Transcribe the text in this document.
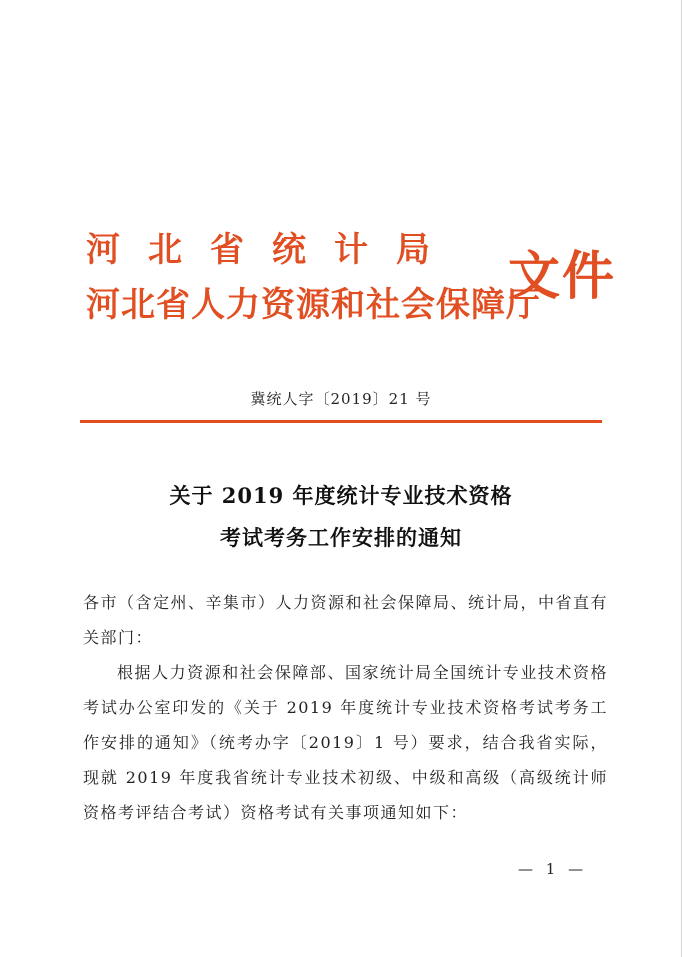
河北省统计局
河北省人力资源和社会保障厅
文件
冀统人字〔2019〕21 号
关于 2019 年度统计专业技术资格
考试考务工作安排的通知
各市（含定州、辛集市）人力资源和社会保障局、统计局，中省直有关部门：
根据人力资源和社会保障部、国家统计局全国统计专业技术资格考试办公室印发的《关于 2019 年度统计专业技术资格考试考务工作安排的通知》（统考办字〔2019〕1 号）要求，结合我省实际，现就 2019 年度我省统计专业技术初级、中级和高级（高级统计师资格考评结合考试）资格考试有关事项通知如下：
— 1 —
